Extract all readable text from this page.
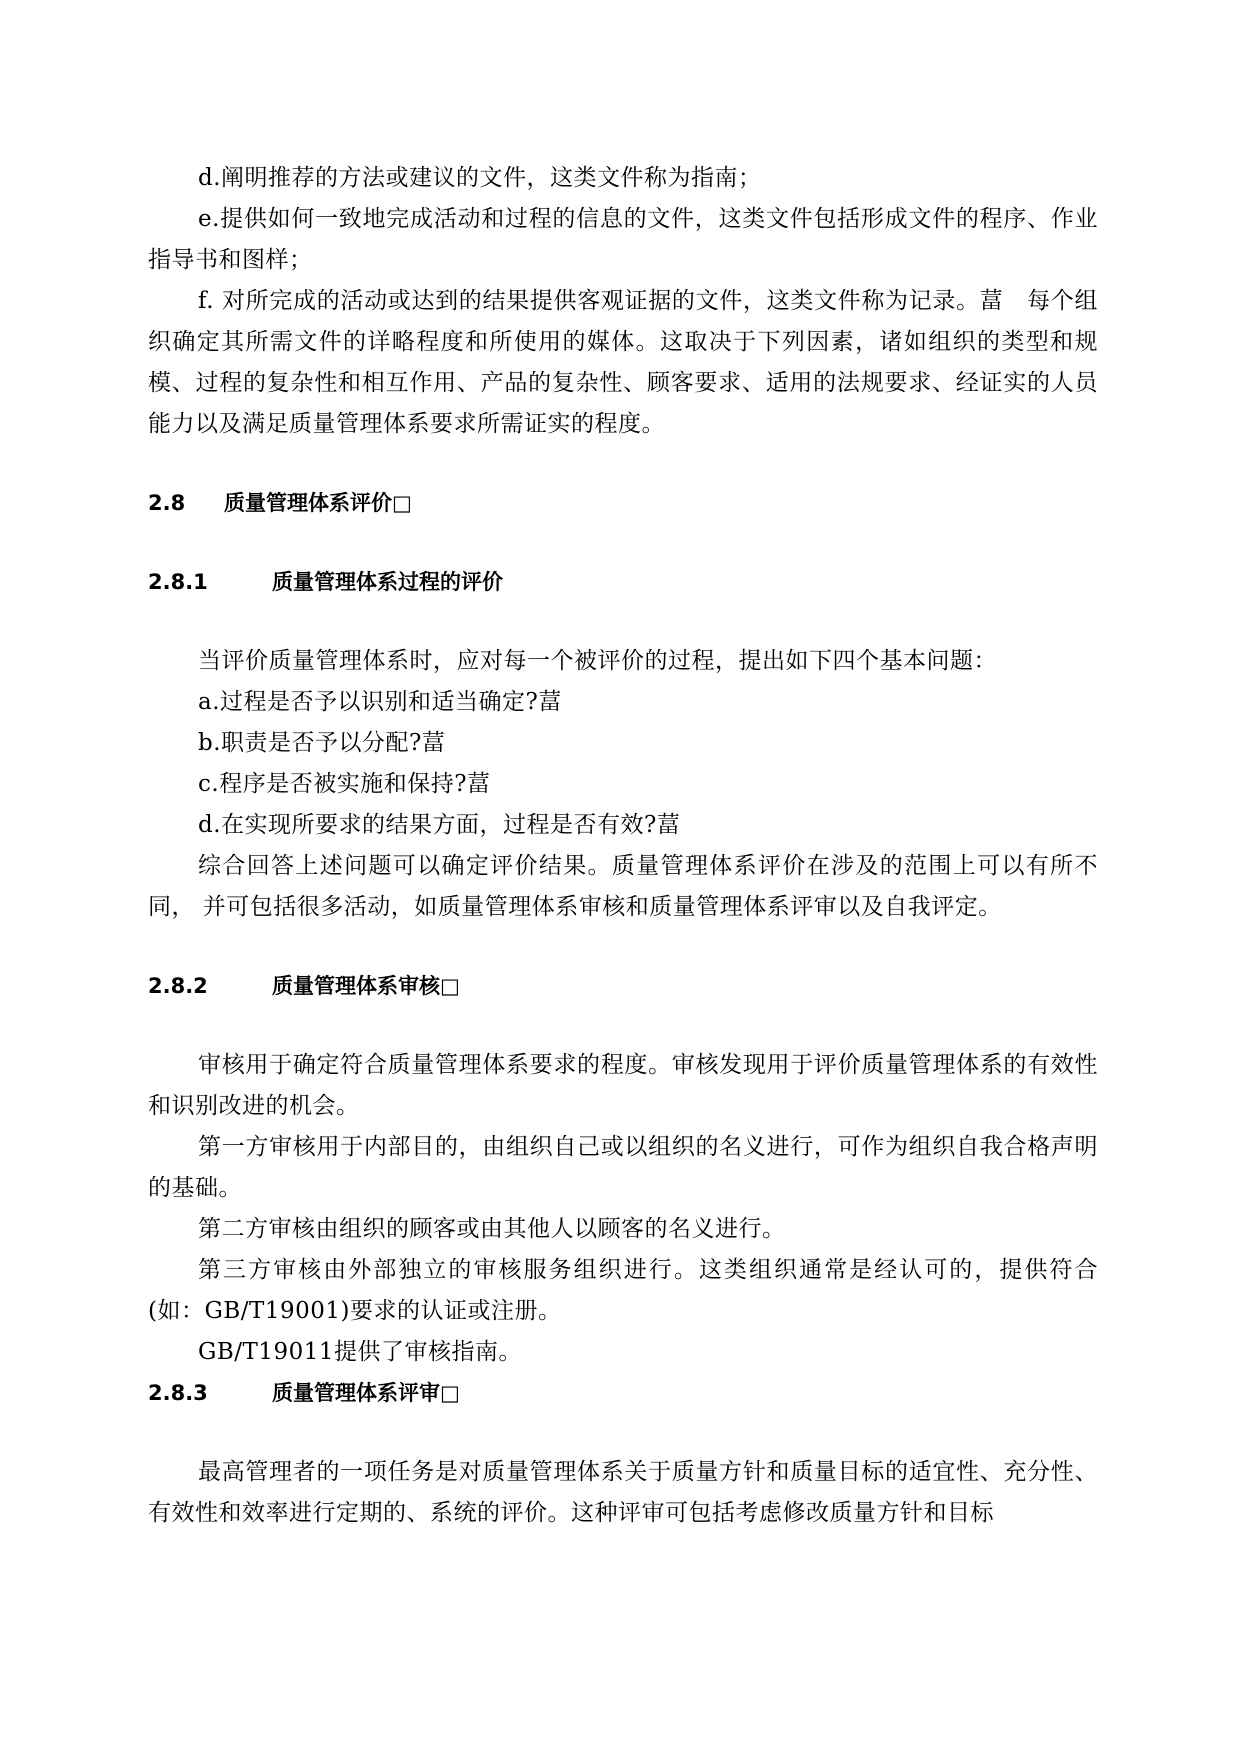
d.阐明推荐的方法或建议的文件，这类文件称为指南；

e.提供如何一致地完成活动和过程的信息的文件，这类文件包括形成文件的程序、作业指导书和图样；

f. 对所完成的活动或达到的结果提供客观证据的文件，这类文件称为记录。葍　每个组织确定其所需文件的详略程度和所使用的媒体。这取决于下列因素，诸如组织的类型和规模、过程的复杂性和相互作用、产品的复杂性、顾客要求、适用的法规要求、经证实的人员能力以及满足质量管理体系要求所需证实的程度。

2.8 质量管理体系评价□

2.8.1	质量管理体系过程的评价

当评价质量管理体系时，应对每一个被评价的过程，提出如下四个基本问题：

a.过程是否予以识别和适当确定?葍

b.职责是否予以分配?葍

c.程序是否被实施和保持?葍

d.在实现所要求的结果方面，过程是否有效?葍

综合回答上述问题可以确定评价结果。质量管理体系评价在涉及的范围上可以有所不同， 并可包括很多活动，如质量管理体系审核和质量管理体系评审以及自我评定。

2.8.2	质量管理体系审核□

审核用于确定符合质量管理体系要求的程度。审核发现用于评价质量管理体系的有效性和识别改进的机会。

第一方审核用于内部目的，由组织自己或以组织的名义进行，可作为组织自我合格声明的基础。

第二方审核由组织的顾客或由其他人以顾客的名义进行。

第三方审核由外部独立的审核服务组织进行。这类组织通常是经认可的，提供符合(如：GB/T19001)要求的认证或注册。

GB/T19011提供了审核指南。

2.8.3	质量管理体系评审□

最高管理者的一项任务是对质量管理体系关于质量方针和质量目标的适宜性、充分性、有效性和效率进行定期的、系统的评价。这种评审可包括考虑修改质量方针和目标
